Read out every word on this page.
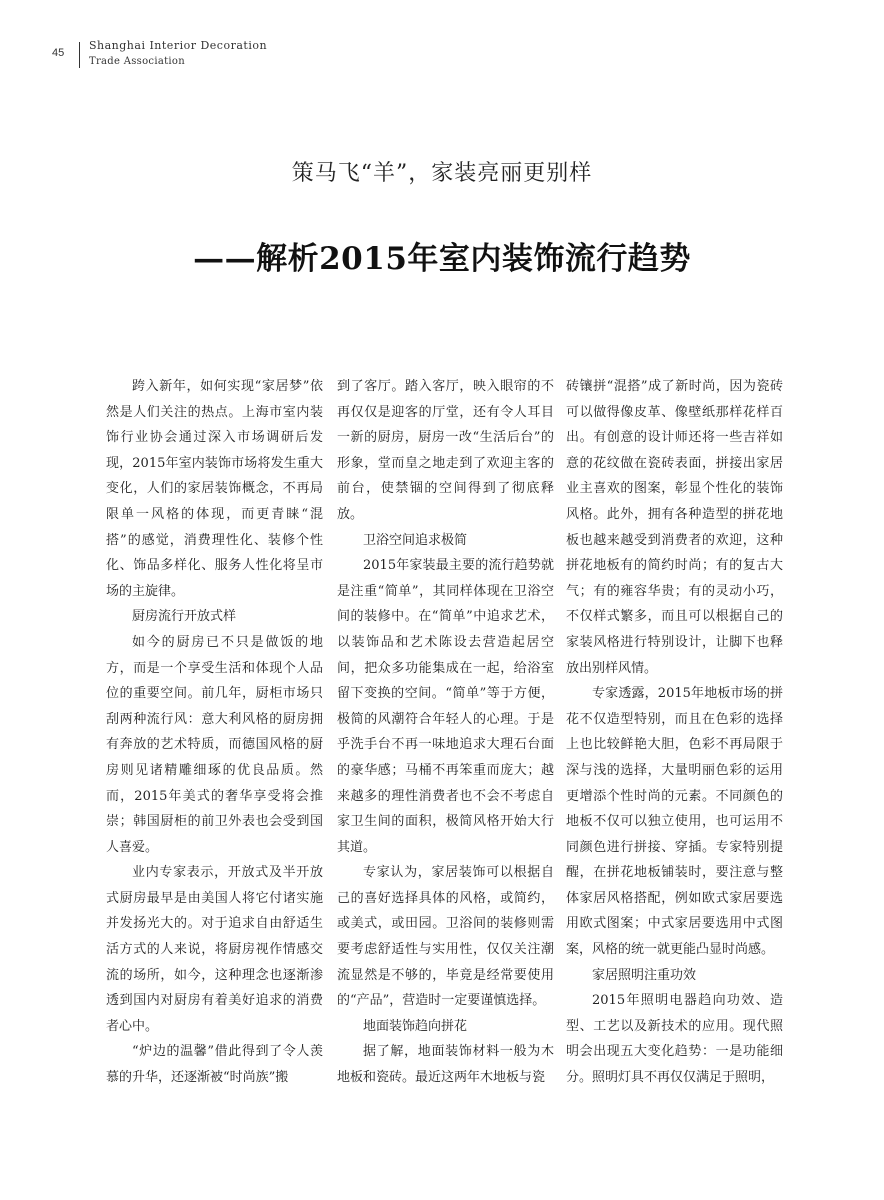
45
Shanghai Interior Decoration
Trade Association
策马飞“羊”，家装亮丽更别样
——解析2015年室内装饰流行趋势

跨入新年，如何实现“家居梦”依然是人们关注的热点。上海市室内装饰行业协会通过深入市场调研后发现，2015年室内装饰市场将发生重大变化，人们的家居装饰概念，不再局限单一风格的体现，而更青睐“混搭”的感觉，消费理性化、装修个性化、饰品多样化、服务人性化将呈市场的主旋律。

厨房流行开放式样

如今的厨房已不只是做饭的地方，而是一个享受生活和体现个人品位的重要空间。前几年，厨柜市场只刮两种流行风：意大利风格的厨房拥有奔放的艺术特质，而德国风格的厨房则见诸精雕细琢的优良品质。然而，2015年美式的奢华享受将会推崇；韩国厨柜的前卫外表也会受到国人喜爱。

业内专家表示，开放式及半开放式厨房最早是由美国人将它付诸实施并发扬光大的。对于追求自由舒适生活方式的人来说，将厨房视作情感交流的场所，如今，这种理念也逐渐渗透到国内对厨房有着美好追求的消费者心中。

“炉边的温馨”借此得到了令人羡慕的升华，还逐渐被“时尚族”搬

到了客厅。踏入客厅，映入眼帘的不再仅仅是迎客的厅堂，还有令人耳目一新的厨房，厨房一改“生活后台”的形象，堂而皇之地走到了欢迎主客的前台，使禁锢的空间得到了彻底释放。

卫浴空间追求极简

2015年家装最主要的流行趋势就是注重“简单”，其同样体现在卫浴空间的装修中。在“简单”中追求艺术，以装饰品和艺术陈设去营造起居空间，把众多功能集成在一起，给浴室留下变换的空间。“简单”等于方便，极简的风潮符合年轻人的心理。于是乎洗手台不再一味地追求大理石台面的豪华感；马桶不再笨重而庞大；越来越多的理性消费者也不会不考虑自家卫生间的面积，极简风格开始大行其道。

专家认为，家居装饰可以根据自己的喜好选择具体的风格，或简约，或美式，或田园。卫浴间的装修则需要考虑舒适性与实用性，仅仅关注潮流显然是不够的，毕竟是经常要使用的“产品”，营造时一定要谨慎选择。

地面装饰趋向拼花

据了解，地面装饰材料一般为木地板和瓷砖。最近这两年木地板与瓷

砖镶拼“混搭”成了新时尚，因为瓷砖可以做得像皮革、像壁纸那样花样百出。有创意的设计师还将一些吉祥如意的花纹做在瓷砖表面，拼接出家居业主喜欢的图案，彰显个性化的装饰风格。此外，拥有各种造型的拼花地板也越来越受到消费者的欢迎，这种拼花地板有的简约时尚；有的复古大气；有的雍容华贵；有的灵动小巧，不仅样式繁多，而且可以根据自己的家装风格进行特别设计，让脚下也释放出别样风情。

专家透露，2015年地板市场的拼花不仅造型特别，而且在色彩的选择上也比较鲜艳大胆，色彩不再局限于深与浅的选择，大量明丽色彩的运用更增添个性时尚的元素。不同颜色的地板不仅可以独立使用，也可运用不同颜色进行拼接、穿插。专家特别提醒，在拼花地板铺装时，要注意与整体家居风格搭配，例如欧式家居要选用欧式图案；中式家居要选用中式图案，风格的统一就更能凸显时尚感。

家居照明注重功效

2015年照明电器趋向功效、造型、工艺以及新技术的应用。现代照明会出现五大变化趋势：一是功能细分。照明灯具不再仅仅满足于照明，
